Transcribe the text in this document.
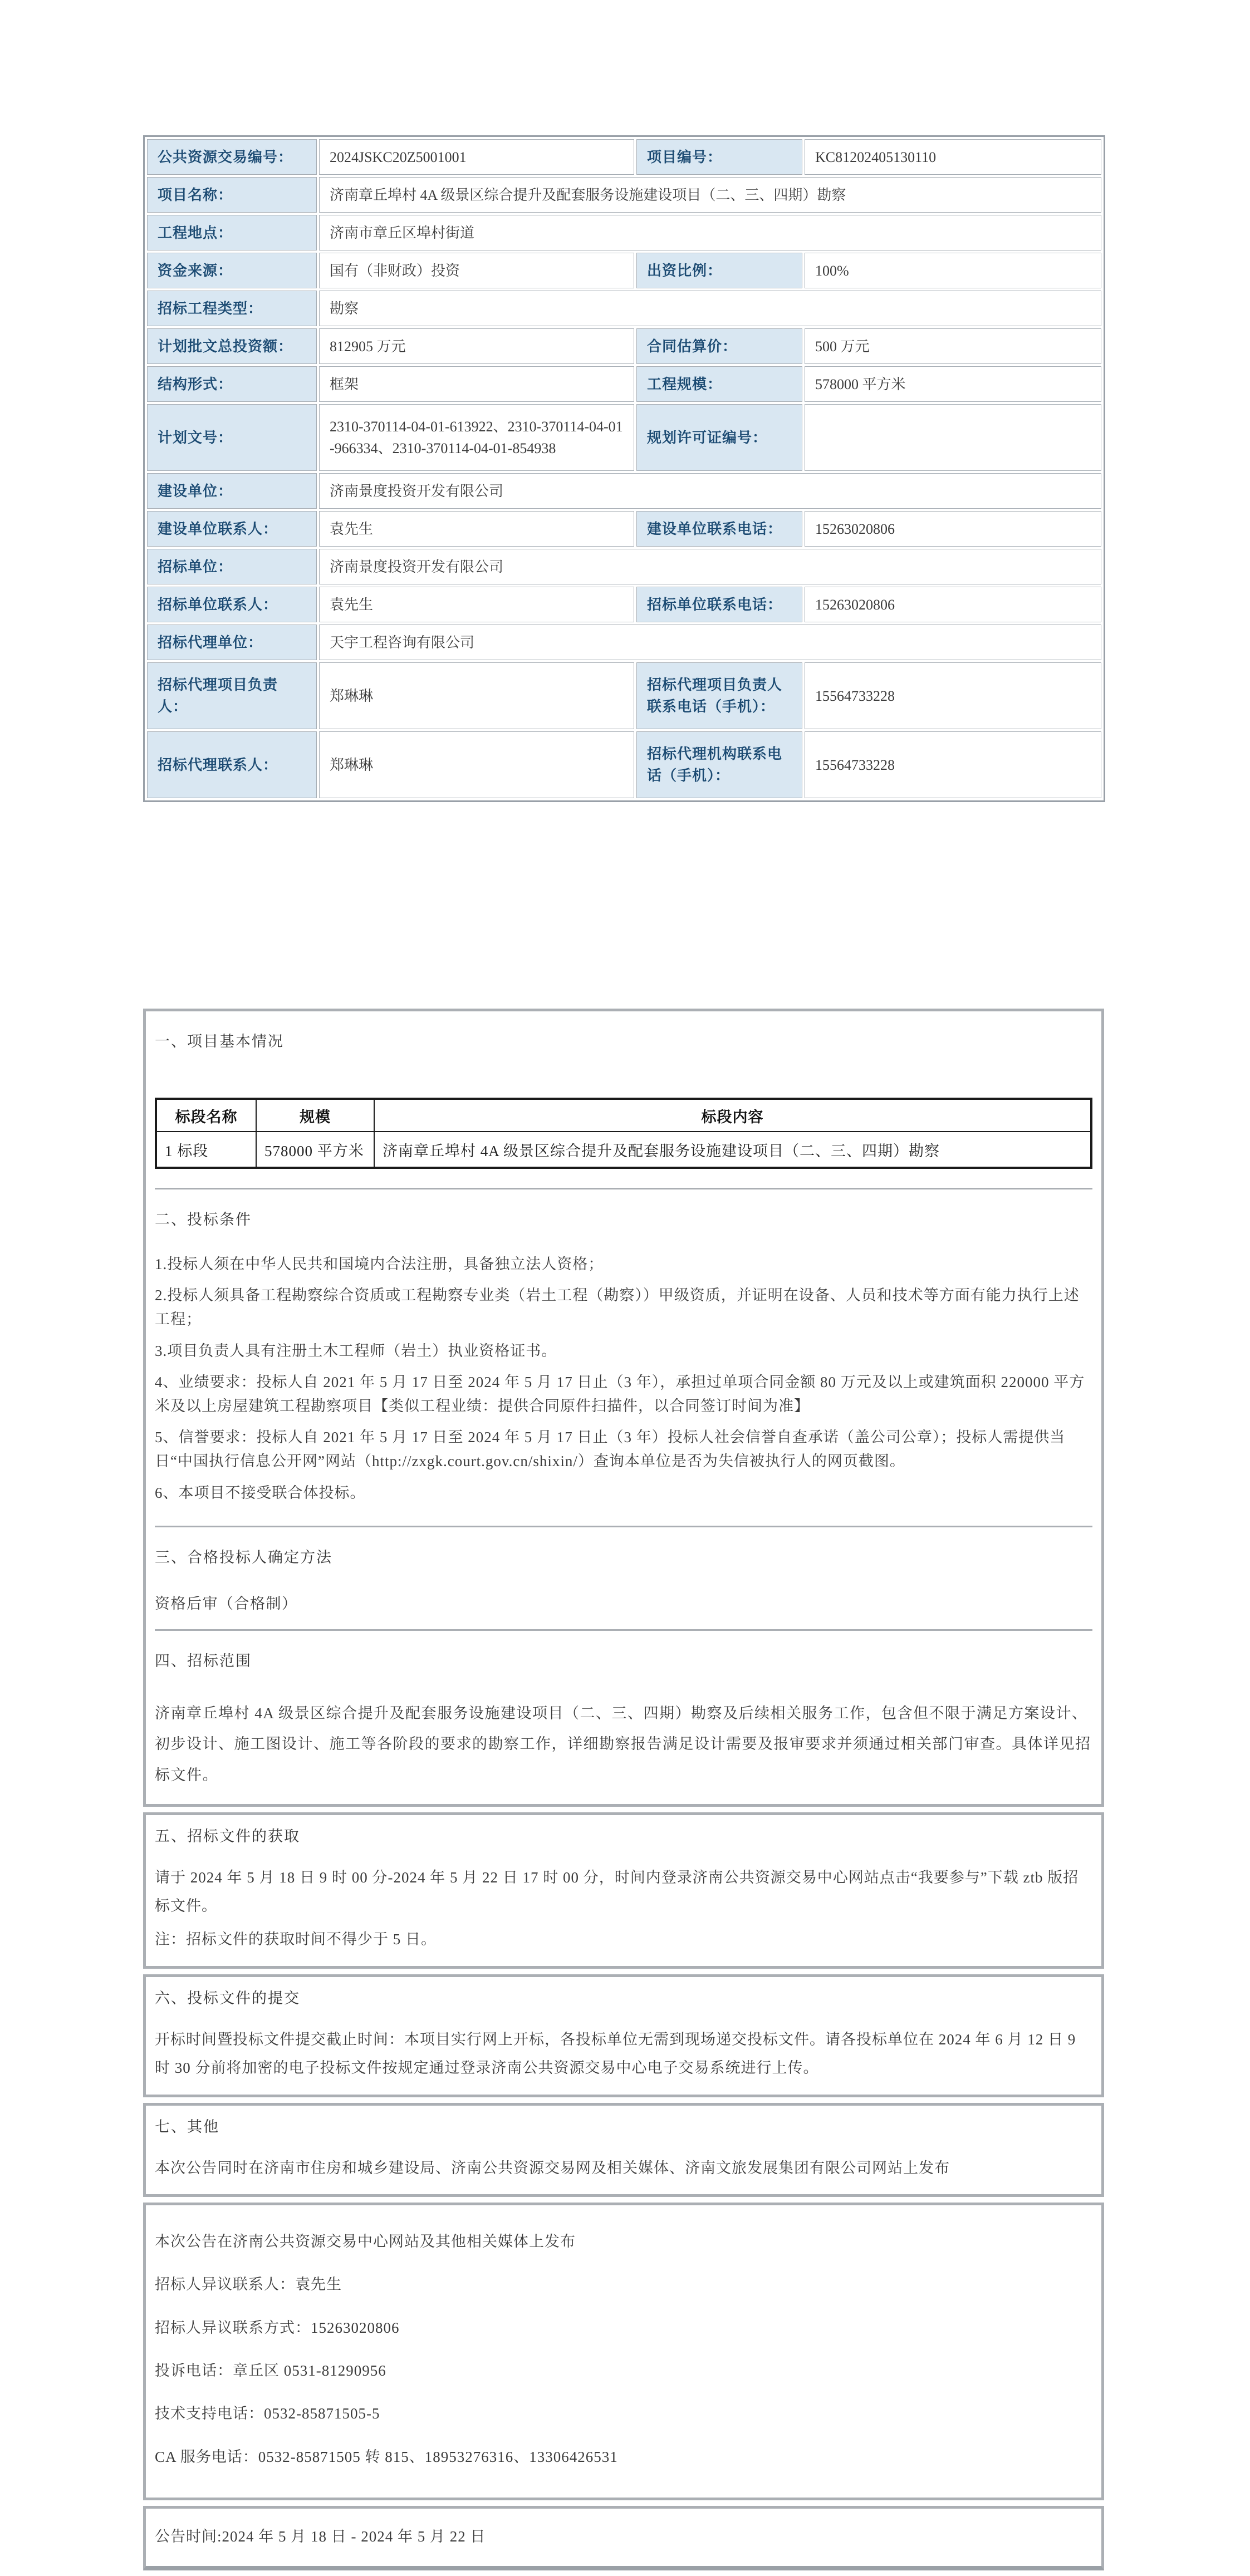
公共资源交易编号：	2024JSKC20Z5001001	项目编号：	KC81202405130110
项目名称：	济南章丘埠村 4A 级景区综合提升及配套服务设施建设项目（二、三、四期）勘察		
工程地点：	济南市章丘区埠村街道		
资金来源：	国有（非财政）投资	出资比例：	100%
招标工程类型：	勘察		
计划批文总投资额：	812905 万元	合同估算价：	500 万元
结构形式：	框架	工程规模：	578000 平方米
计划文号：	2310-370114-04-01-613922、2310-370114-04-01-966334、2310-370114-04-01-854938	规划许可证编号：	
建设单位：	济南景度投资开发有限公司		
建设单位联系人：	袁先生	建设单位联系电话：	15263020806
招标单位：	济南景度投资开发有限公司		
招标单位联系人：	袁先生	招标单位联系电话：	15263020806
招标代理单位：	天宇工程咨询有限公司		
招标代理项目负责人：	郑琳琳	招标代理项目负责人联系电话（手机）：	15564733228
招标代理联系人：	郑琳琳	招标代理机构联系电话（手机）：	15564733228
一、项目基本情况
标段名称	规模	标段内容
1 标段	578000 平方米	济南章丘埠村 4A 级景区综合提升及配套服务设施建设项目（二、三、四期）勘察
二、投标条件

1.投标人须在中华人民共和国境内合法注册，具备独立法人资格；

2.投标人须具备工程勘察综合资质或工程勘察专业类（岩土工程（勘察））甲级资质，并证明在设备、人员和技术等方面有能力执行上述工程；

3.项目负责人具有注册土木工程师（岩土）执业资格证书。

4、业绩要求：投标人自 2021 年 5 月 17 日至 2024 年 5 月 17 日止（3 年），承担过单项合同金额 80 万元及以上或建筑面积 220000 平方米及以上房屋建筑工程勘察项目【类似工程业绩：提供合同原件扫描件，以合同签订时间为准】

5、信誉要求：投标人自 2021 年 5 月 17 日至 2024 年 5 月 17 日止（3 年）投标人社会信誉自查承诺（盖公司公章）；投标人需提供当日“中国执行信息公开网”网站（http://zxgk.court.gov.cn/shixin/）查询本单位是否为失信被执行人的网页截图。

6、本项目不接受联合体投标。

三、合格投标人确定方法

资格后审（合格制）

四、招标范围

济南章丘埠村 4A 级景区综合提升及配套服务设施建设项目（二、三、四期）勘察及后续相关服务工作，包含但不限于满足方案设计、初步设计、施工图设计、施工等各阶段的要求的勘察工作，详细勘察报告满足设计需要及报审要求并须通过相关部门审查。具体详见招标文件。

五、招标文件的获取

请于 2024 年 5 月 18 日 9 时 00 分-2024 年 5 月 22 日 17 时 00 分，时间内登录济南公共资源交易中心网站点击“我要参与”下载 ztb 版招标文件。

注：招标文件的获取时间不得少于 5 日。

六、投标文件的提交

开标时间暨投标文件提交截止时间：本项目实行网上开标，各投标单位无需到现场递交投标文件。请各投标单位在 2024 年 6 月 12 日 9 时 30 分前将加密的电子投标文件按规定通过登录济南公共资源交易中心电子交易系统进行上传。

七、其他

本次公告同时在济南市住房和城乡建设局、济南公共资源交易网及相关媒体、济南文旅发展集团有限公司网站上发布

本次公告在济南公共资源交易中心网站及其他相关媒体上发布

招标人异议联系人：袁先生

招标人异议联系方式：15263020806

投诉电话：章丘区 0531-81290956

技术支持电话：0532-85871505-5

CA 服务电话：0532-85871505 转 815、18953276316、13306426531

公告时间:2024 年 5 月 18 日 - 2024 年 5 月 22 日
